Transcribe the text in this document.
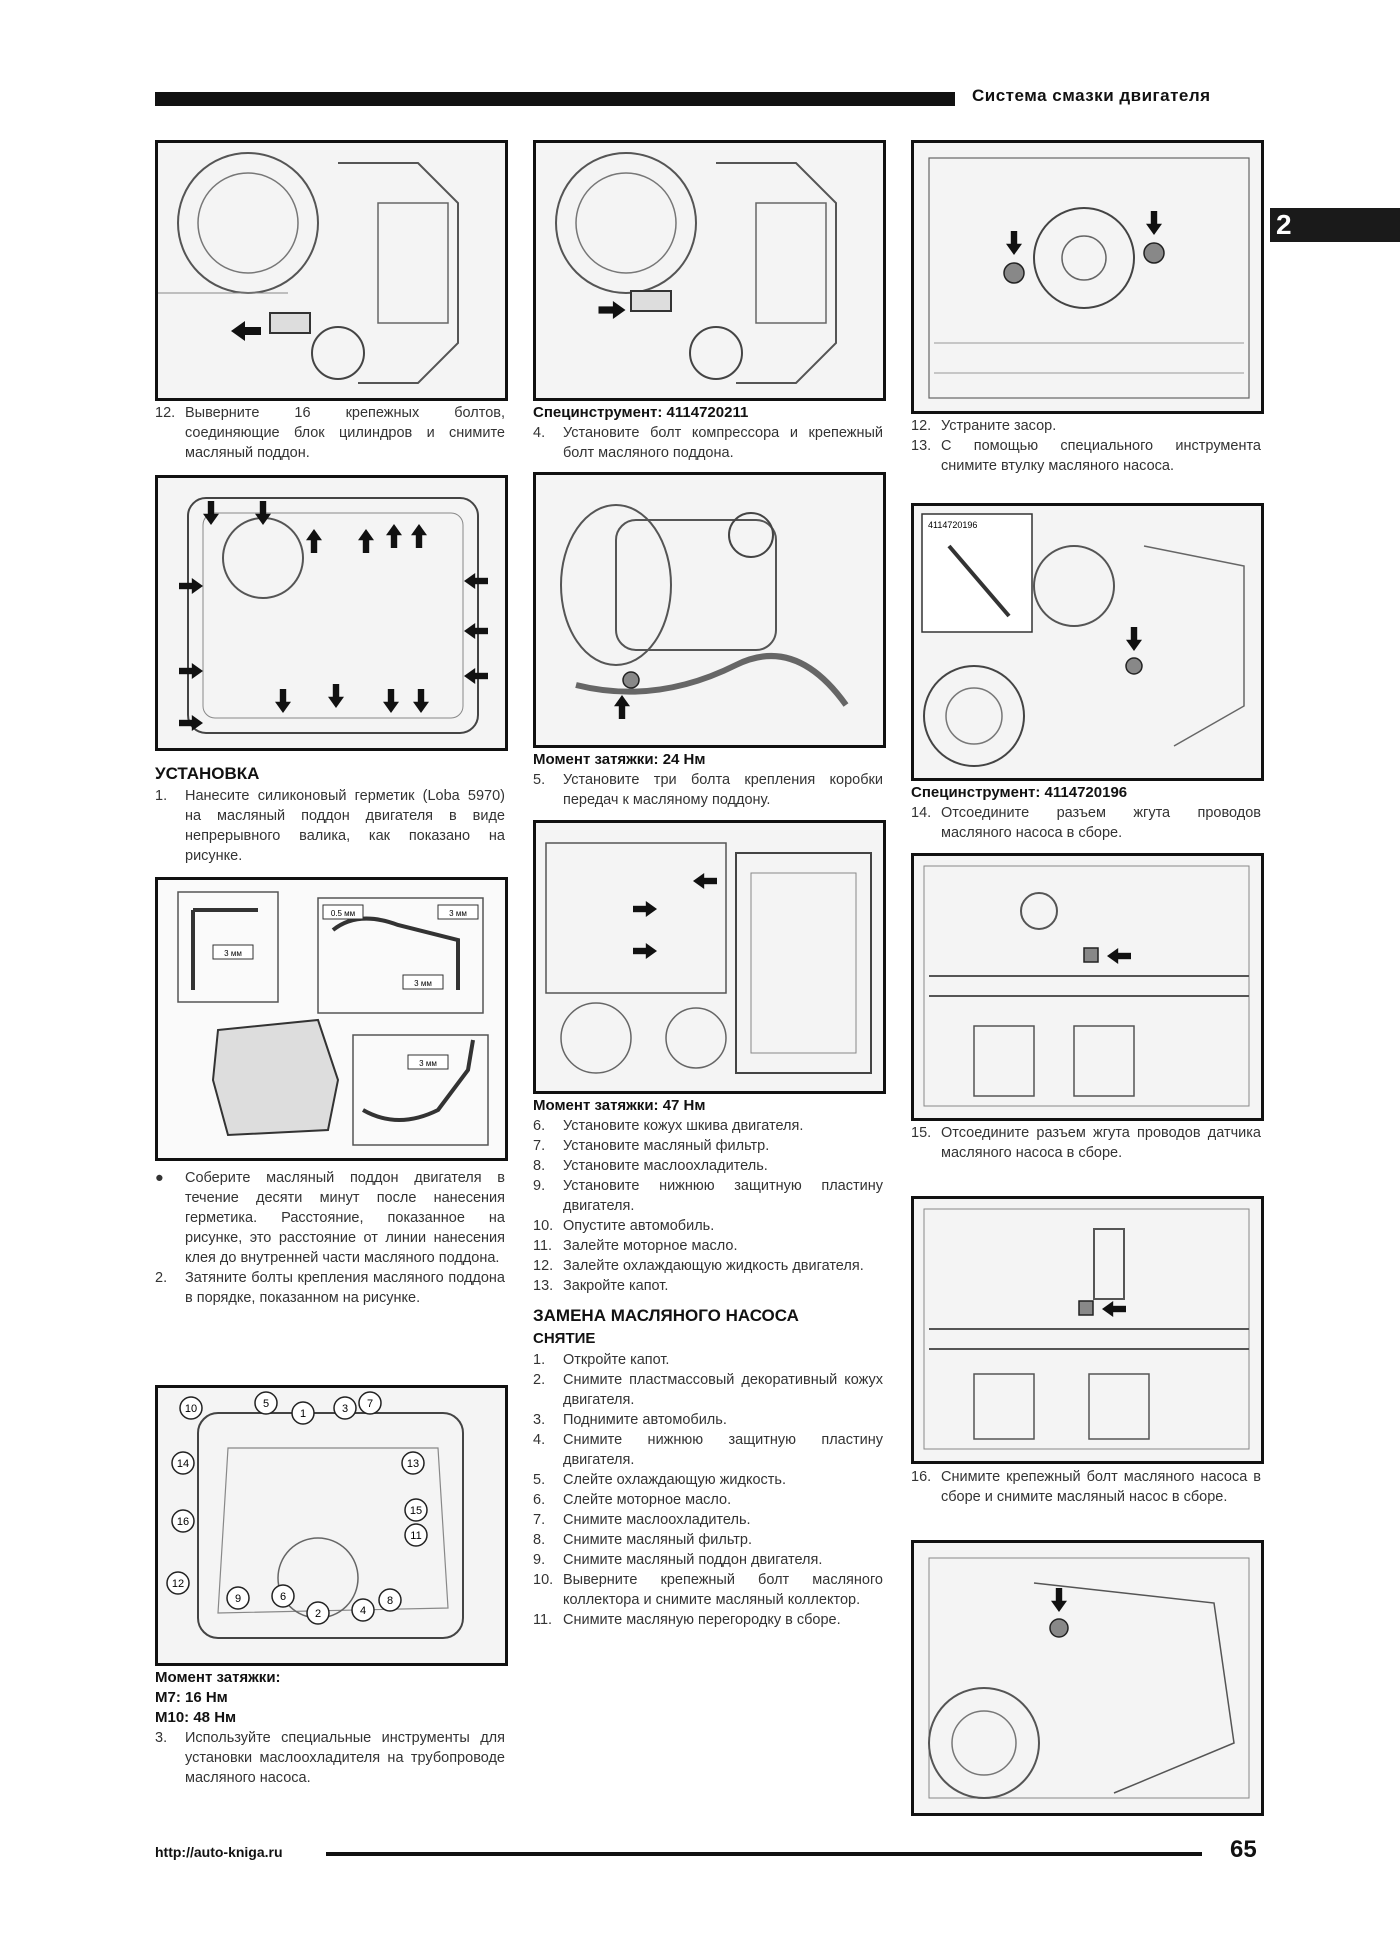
Система смазки двигателя
2
12. Выверните 16 крепежных болтов, соединяющие блок цилиндров и снимите масляный поддон.
УСТАНОВКА
1.	Нанесите силиконовый герметик (Loba 5970) на масляный поддон двигателя в виде непрерывного валика, как показано на рисунке.
3 мм
0.5 мм	3 мм
3 мм
3 мм
●	Соберите масляный поддон двигателя в течение десяти минут после нанесения герметика. Расстояние, показанное на рисунке, это расстояние от линии нанесения клея до внутренней части масляного поддона.
2.	Затяните болты крепления масляного поддона в порядке, показанном на рисунке.
10	5
1	3 7
14	13
15
16
11
12
9	6
2	4
8
Момент затяжки:
M7: 16 Нм
M10: 48 Нм
3.	Используйте специальные инструменты для установки маслоохладителя на трубопроводе масляного насоса.
Специнструмент: 4114720211
4.	Установите болт компрессора и крепежный болт масляного поддона.
Момент затяжки: 24 Нм
5.	Установите три болта крепления коробки передач к масляному поддону.
Момент затяжки: 47 Нм
6.	Установите кожух шкива двигателя.
7.	Установите масляный фильтр.
8.	Установите маслоохладитель.
9.	Установите нижнюю защитную пластину двигателя.
10. Опустите автомобиль.
11. Залейте моторное масло.
12. Залейте охлаждающую жидкость двигателя.
13. Закройте капот.
ЗАМЕНА МАСЛЯНОГО НАСОСА
СНЯТИЕ
1.	Откройте капот.
2.	Снимите пластмассовый декоративный кожух двигателя.
3.	Поднимите автомобиль.
4.	Снимите нижнюю защитную пластину двигателя.
5.	Слейте охлаждающую жидкость.
6.	Слейте моторное масло.
7.	Снимите маслоохладитель.
8.	Снимите масляный фильтр.
9.	Снимите масляный поддон двигателя.
10. Выверните крепежный болт масляного коллектора и снимите масляный коллектор.
11. Снимите масляную перегородку в сборе.
12. Устраните засор.
13. С помощью специального инструмента снимите втулку масляного насоса.
4114720196
Специнструмент: 4114720196
14. Отсоедините разъем жгута проводов масляного насоса в сборе.
15. Отсоедините разъем жгута проводов датчика масляного насоса в сборе.
16. Снимите крепежный болт масляного насоса в сборе и снимите масляный насос в сборе.
http://auto-kniga.ru	65
